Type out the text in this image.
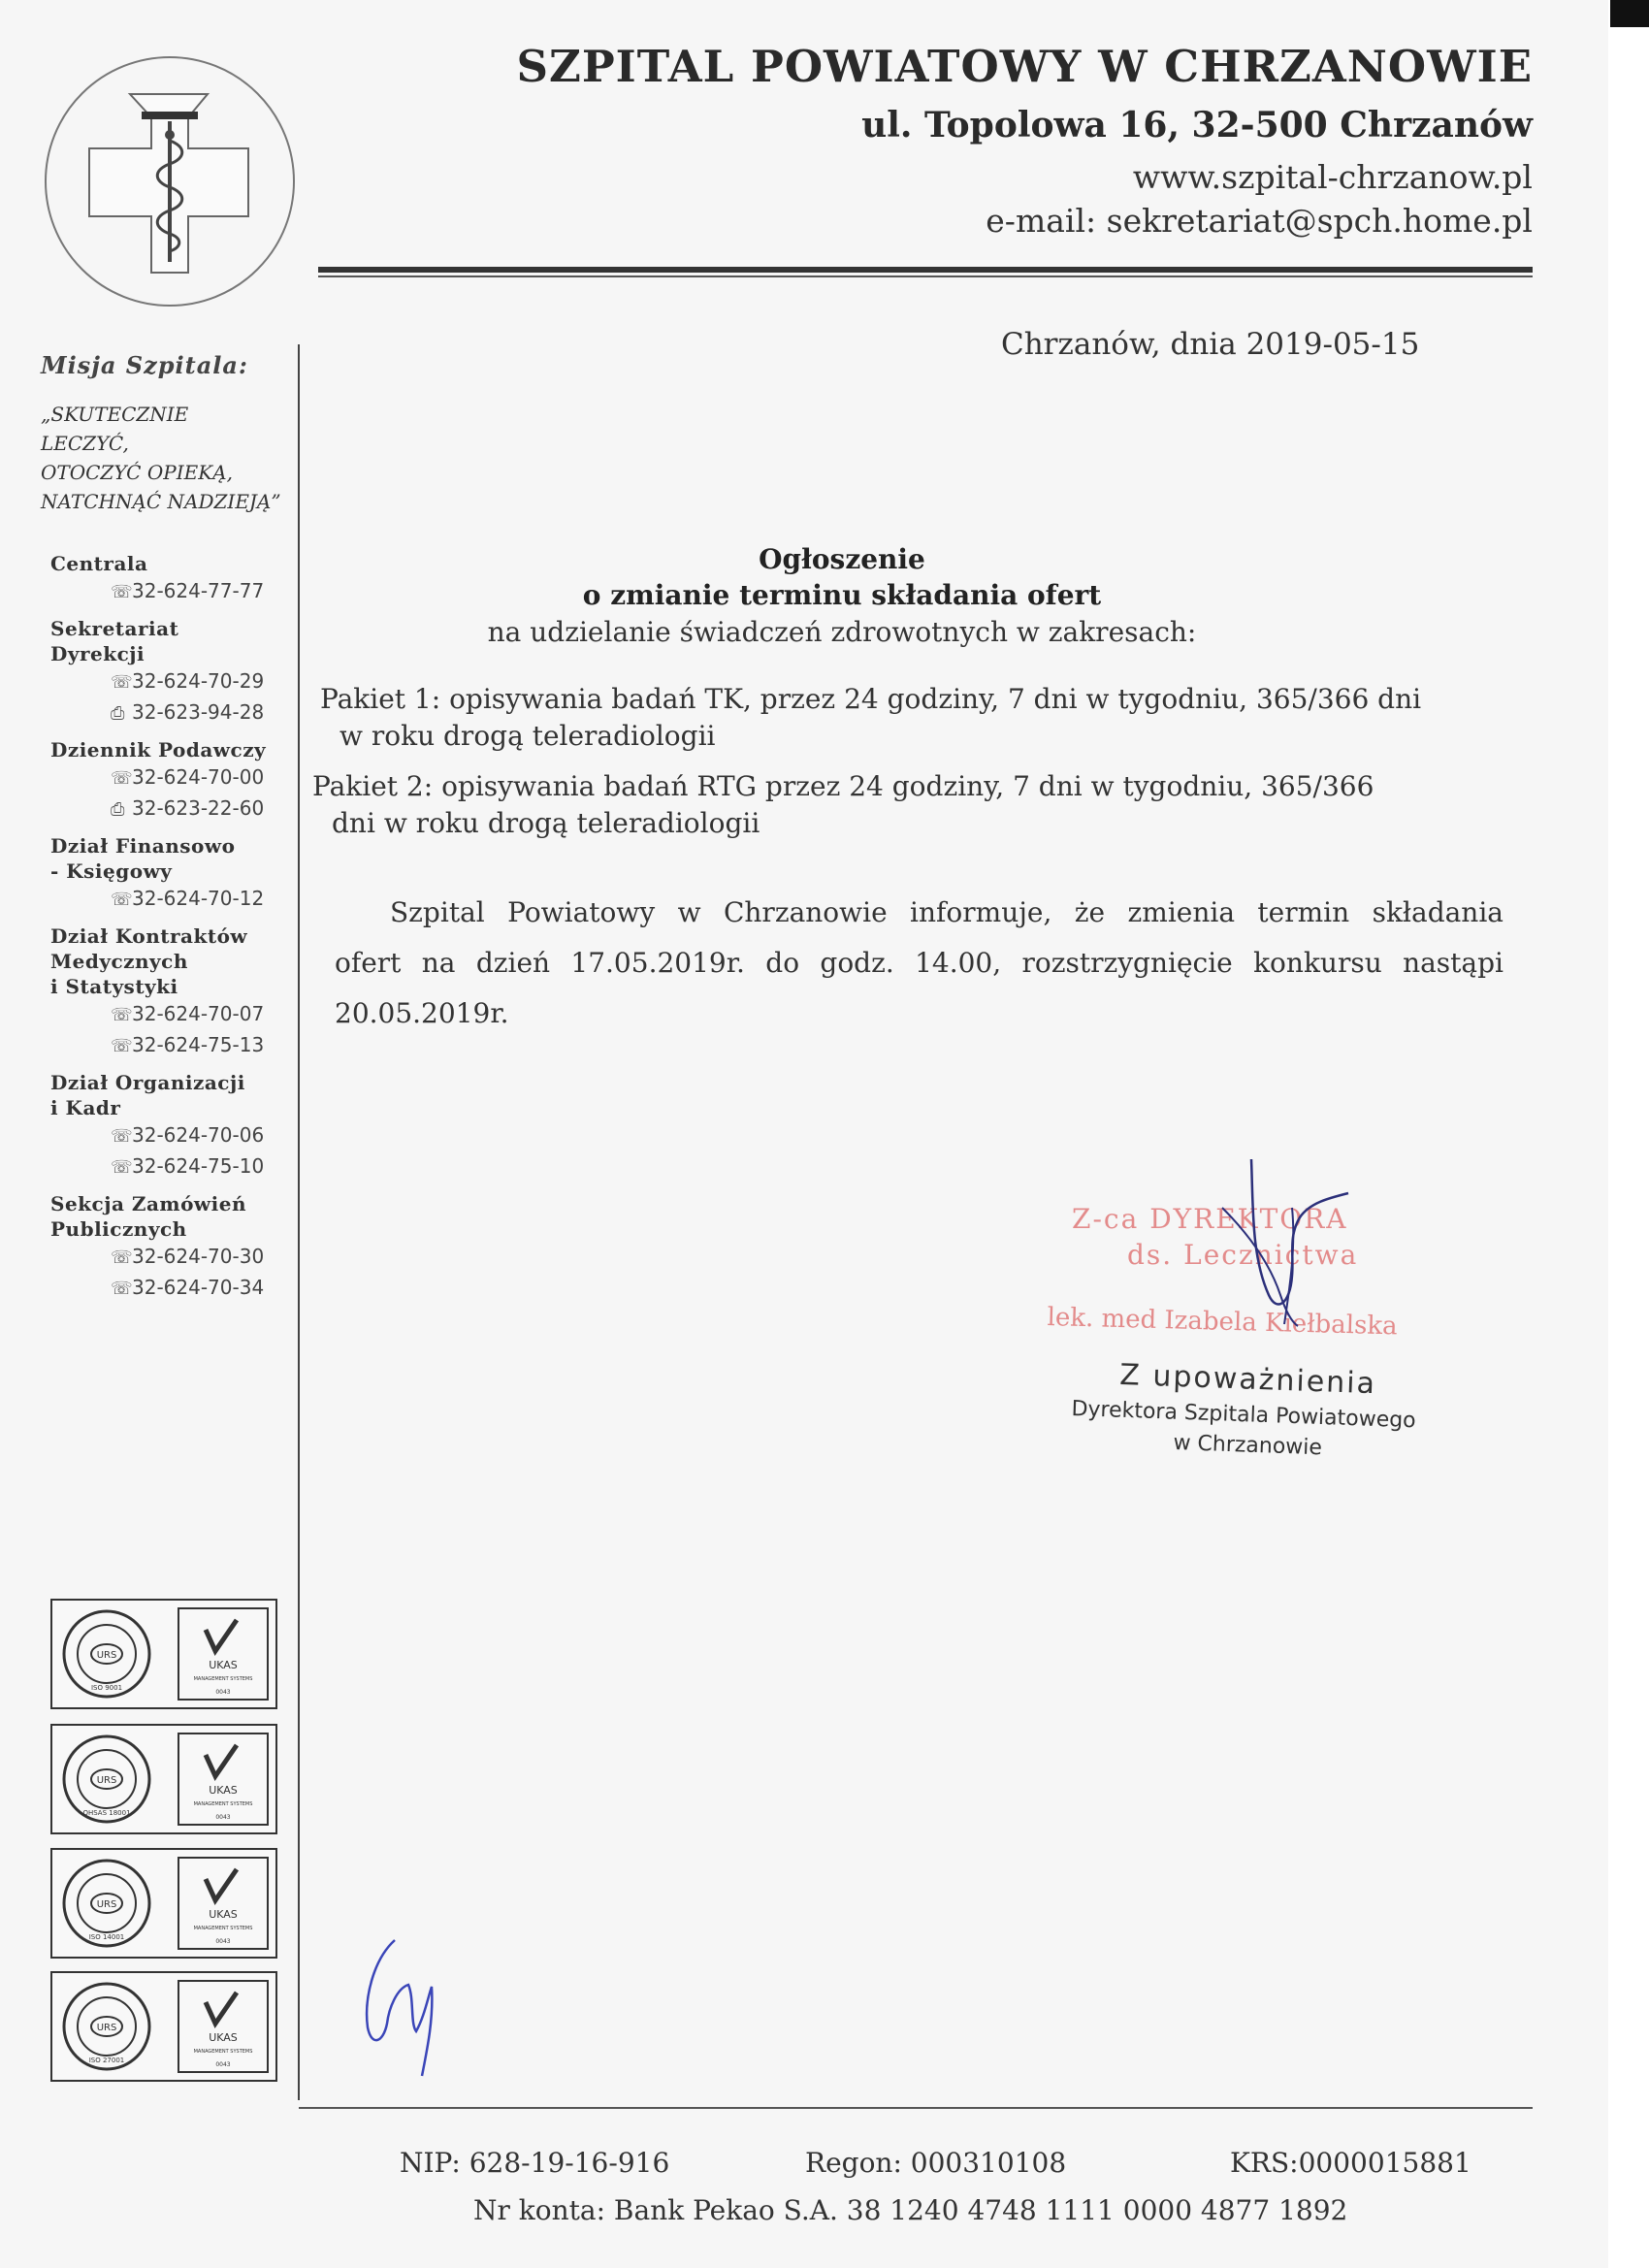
SZPITAL POWIATOWY W CHRZANOWIE
ul. Topolowa 16, 32-500 Chrzanów
www.szpital-chrzanow.pl
e-mail: sekretariat@spch.home.pl
Misja Szpitala:
„SKUTECZNIE
LECZYĆ,
OTOCZYĆ OPIEKĄ,
NATCHNĄĆ NADZIEJĄ”
Centrala
☏32-624-77-77
Sekretariat
Dyrekcji
☏32-624-70-29
⎙ 32-623-94-28
Dziennik Podawczy
☏32-624-70-00
⎙ 32-623-22-60
Dział Finansowo
- Księgowy
☏32-624-70-12
Dział Kontraktów
Medycznych
i Statystyki
☏32-624-70-07
☏32-624-75-13
Dział Organizacji
i Kadr
☏32-624-70-06
☏32-624-75-10
Sekcja Zamówień
Publicznych
☏32-624-70-30
☏32-624-70-34
URS
ISO 9001
UKAS
MANAGEMENT SYSTEMS
0043
URS
OHSAS 18001
UKAS
MANAGEMENT SYSTEMS
0043
URS
ISO 14001
UKAS
MANAGEMENT SYSTEMS
0043
URS
ISO 27001
UKAS
MANAGEMENT SYSTEMS
0043
Chrzanów, dnia 2019-05-15
Ogłoszenie
o zmianie terminu składania ofert
na udzielanie świadczeń zdrowotnych w zakresach:
Pakiet 1: opisywania badań TK, przez 24 godziny, 7 dni w tygodniu, 365/366 dni
w roku drogą teleradiologii
Pakiet 2: opisywania badań RTG przez 24 godziny, 7 dni w tygodniu, 365/366
dni w roku drogą teleradiologii
Szpital Powiatowy w Chrzanowie informuje, że zmienia termin składania
ofert na dzień 17.05.2019r. do godz. 14.00, rozstrzygnięcie konkursu nastąpi
20.05.2019r.
Z-ca DYREKTORA
ds. Lecznictwa
lek. med Izabela Kiełbalska
Z upoważnienia
Dyrektora Szpitala Powiatowego
w Chrzanowie
NIP: 628-19-16-916	Regon: 000310108	KRS:0000015881
Nr konta: Bank Pekao S.A. 38 1240 4748 1111 0000 4877 1892
